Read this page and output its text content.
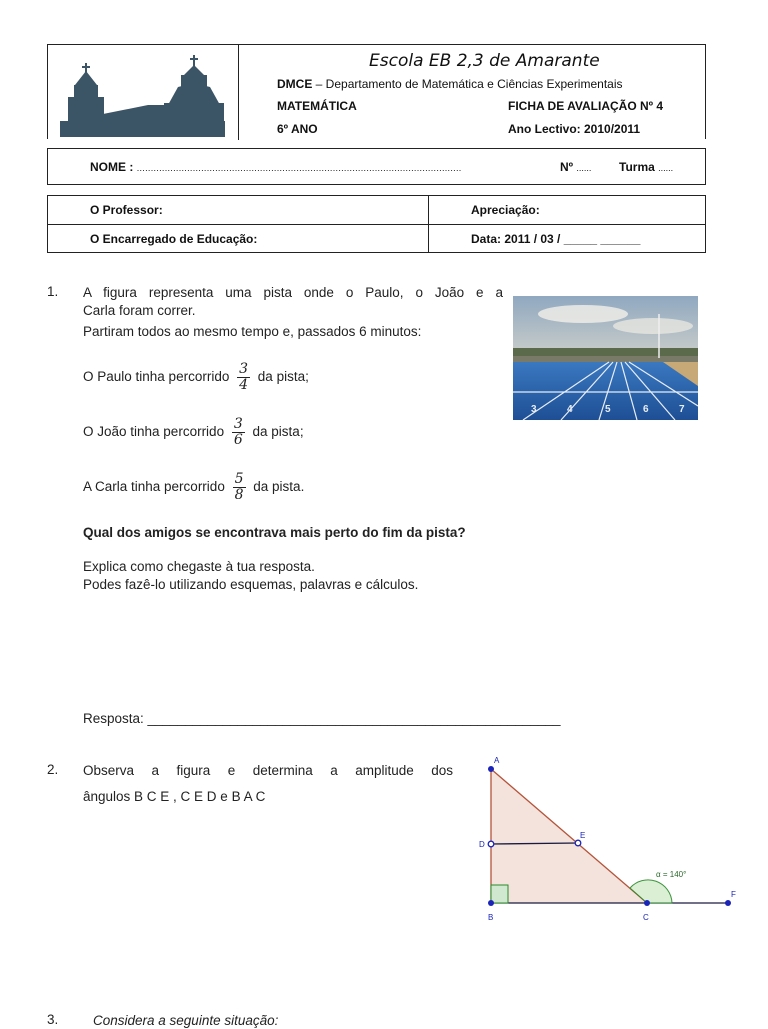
Escola EB 2,3 de Amarante
DMCE – Departamento de Matemática e Ciências Experimentais
MATEMÁTICA	FICHA DE AVALIAÇÃO Nº 4
6º ANO	Ano Lectivo: 2010/2011
NOME : ....................................................................................................................	Nº ...... Turma ......
O Professor:	Apreciação:
O Encarregado de Educação:	Data: 2011 / 03 / _____ ______
1. A figura representa uma pista onde o Paulo, o João e a
Carla foram correr.
Partiram todos ao mesmo tempo e, passados 6 minutos:
O Paulo tinha percorrido $\frac{3}{4}$ da pista;
O João tinha percorrido $\frac{3}{6}$ da pista;
A Carla tinha percorrido $\frac{5}{8}$ da pista.
Qual dos amigos se encontrava mais perto do fim da pista?
Explica como chegaste à tua resposta.
Podes fazê-lo utilizando esquemas, palavras e cálculos.
Resposta: _______________________________________________________
3	4	5	6	7
2. Observa a figura e determina a amplitude dos
ângulos B C E , C E D e B A C
A
B	C
D
E
F
α = 140°
3.	Considera a seguinte situação:
